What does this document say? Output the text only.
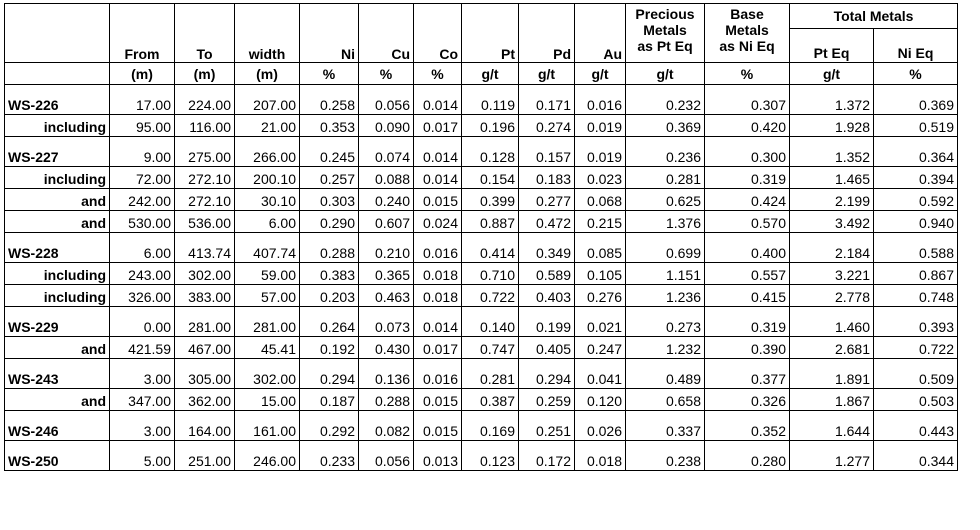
	From	To	width	Ni	Cu	Co	Pt	Pd	Au	Precious
Metals
as Pt Eq	Base
Metals
as Ni Eq	Total Metals	
												Pt Eq	Ni Eq
	(m)	(m)	(m)	%	%	%	g/t	g/t	g/t	g/t	%	g/t	%

WS-226	17.00	224.00	207.00	0.258	0.056	0.014	0.119	0.171	0.016	0.232	0.307	1.372	0.369
including	95.00	116.00	21.00	0.353	0.090	0.017	0.196	0.274	0.019	0.369	0.420	1.928	0.519

WS-227	9.00	275.00	266.00	0.245	0.074	0.014	0.128	0.157	0.019	0.236	0.300	1.352	0.364
including	72.00	272.10	200.10	0.257	0.088	0.014	0.154	0.183	0.023	0.281	0.319	1.465	0.394
and	242.00	272.10	30.10	0.303	0.240	0.015	0.399	0.277	0.068	0.625	0.424	2.199	0.592
and	530.00	536.00	6.00	0.290	0.607	0.024	0.887	0.472	0.215	1.376	0.570	3.492	0.940

WS-228	6.00	413.74	407.74	0.288	0.210	0.016	0.414	0.349	0.085	0.699	0.400	2.184	0.588
including	243.00	302.00	59.00	0.383	0.365	0.018	0.710	0.589	0.105	1.151	0.557	3.221	0.867
including	326.00	383.00	57.00	0.203	0.463	0.018	0.722	0.403	0.276	1.236	0.415	2.778	0.748

WS-229	0.00	281.00	281.00	0.264	0.073	0.014	0.140	0.199	0.021	0.273	0.319	1.460	0.393
and	421.59	467.00	45.41	0.192	0.430	0.017	0.747	0.405	0.247	1.232	0.390	2.681	0.722

WS-243	3.00	305.00	302.00	0.294	0.136	0.016	0.281	0.294	0.041	0.489	0.377	1.891	0.509
and	347.00	362.00	15.00	0.187	0.288	0.015	0.387	0.259	0.120	0.658	0.326	1.867	0.503

WS-246	3.00	164.00	161.00	0.292	0.082	0.015	0.169	0.251	0.026	0.337	0.352	1.644	0.443

WS-250	5.00	251.00	246.00	0.233	0.056	0.013	0.123	0.172	0.018	0.238	0.280	1.277	0.344
